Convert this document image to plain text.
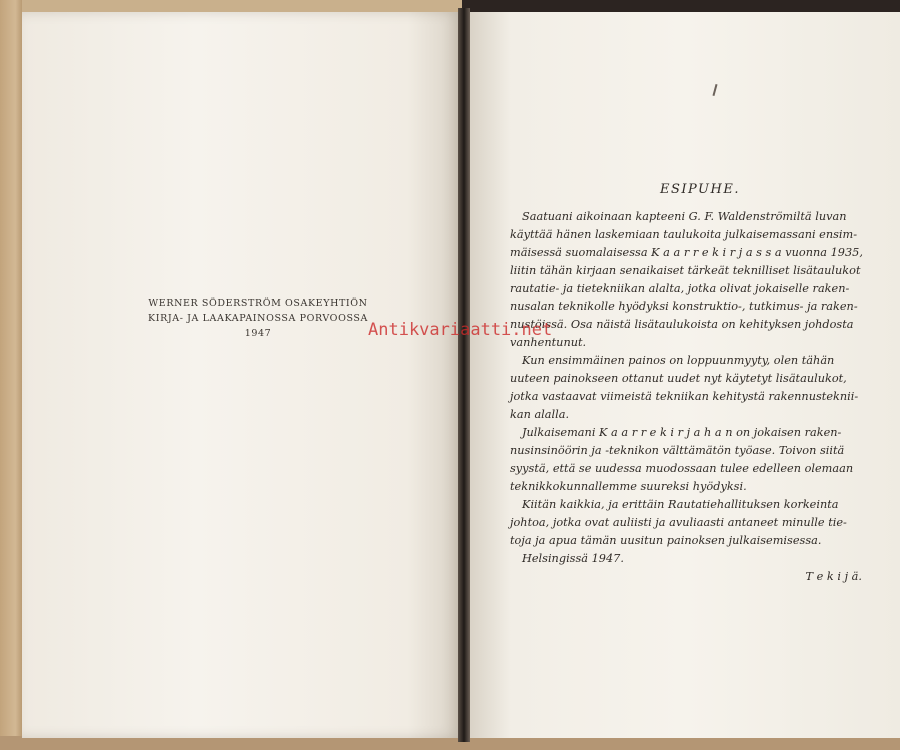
WERNER SÖDERSTRÖM OSAKEYHTIÖN
KIRJA- JA LAAKAPAINOSSA PORVOOSSA
1947
ESIPUHE.
Saatuani aikoinaan kapteeni G. F. Waldenströmiltä luvan
käyttää hänen laskemiaan taulukoita julkaisemassani ensim-
mäisessä suomalaisessa K a a r r e k i r j a s s a vuonna 1935,
liitin tähän kirjaan senaikaiset tärkeät teknilliset lisätaulukot
rautatie- ja tietekniikan alalta, jotka olivat jokaiselle raken-
nusalan teknikolle hyödyksi konstruktio-, tutkimus- ja raken-
nustöissä. Osa näistä lisätaulukoista on kehityksen johdosta
vanhentunut.
Kun ensimmäinen painos on loppuunmyyty, olen tähän
uuteen painokseen ottanut uudet nyt käytetyt lisätaulukot,
jotka vastaavat viimeistä tekniikan kehitystä rakennusteknii-
kan alalla.
Julkaisemani K a a r r e k i r j a h a n on jokaisen raken-
nusinsinöörin ja -teknikon välttämätön työase. Toivon siitä
syystä, että se uudessa muodossaan tulee edelleen olemaan
teknikkokunnallemme suureksi hyödyksi.
Kiitän kaikkia, ja erittäin Rautatiehallituksen korkeinta
johtoa, jotka ovat auliisti ja avuliaasti antaneet minulle tie-
toja ja apua tämän uusitun painoksen julkaisemisessa.
Helsingissä 1947.
T e k i j ä.
Antikvariaatti.net
